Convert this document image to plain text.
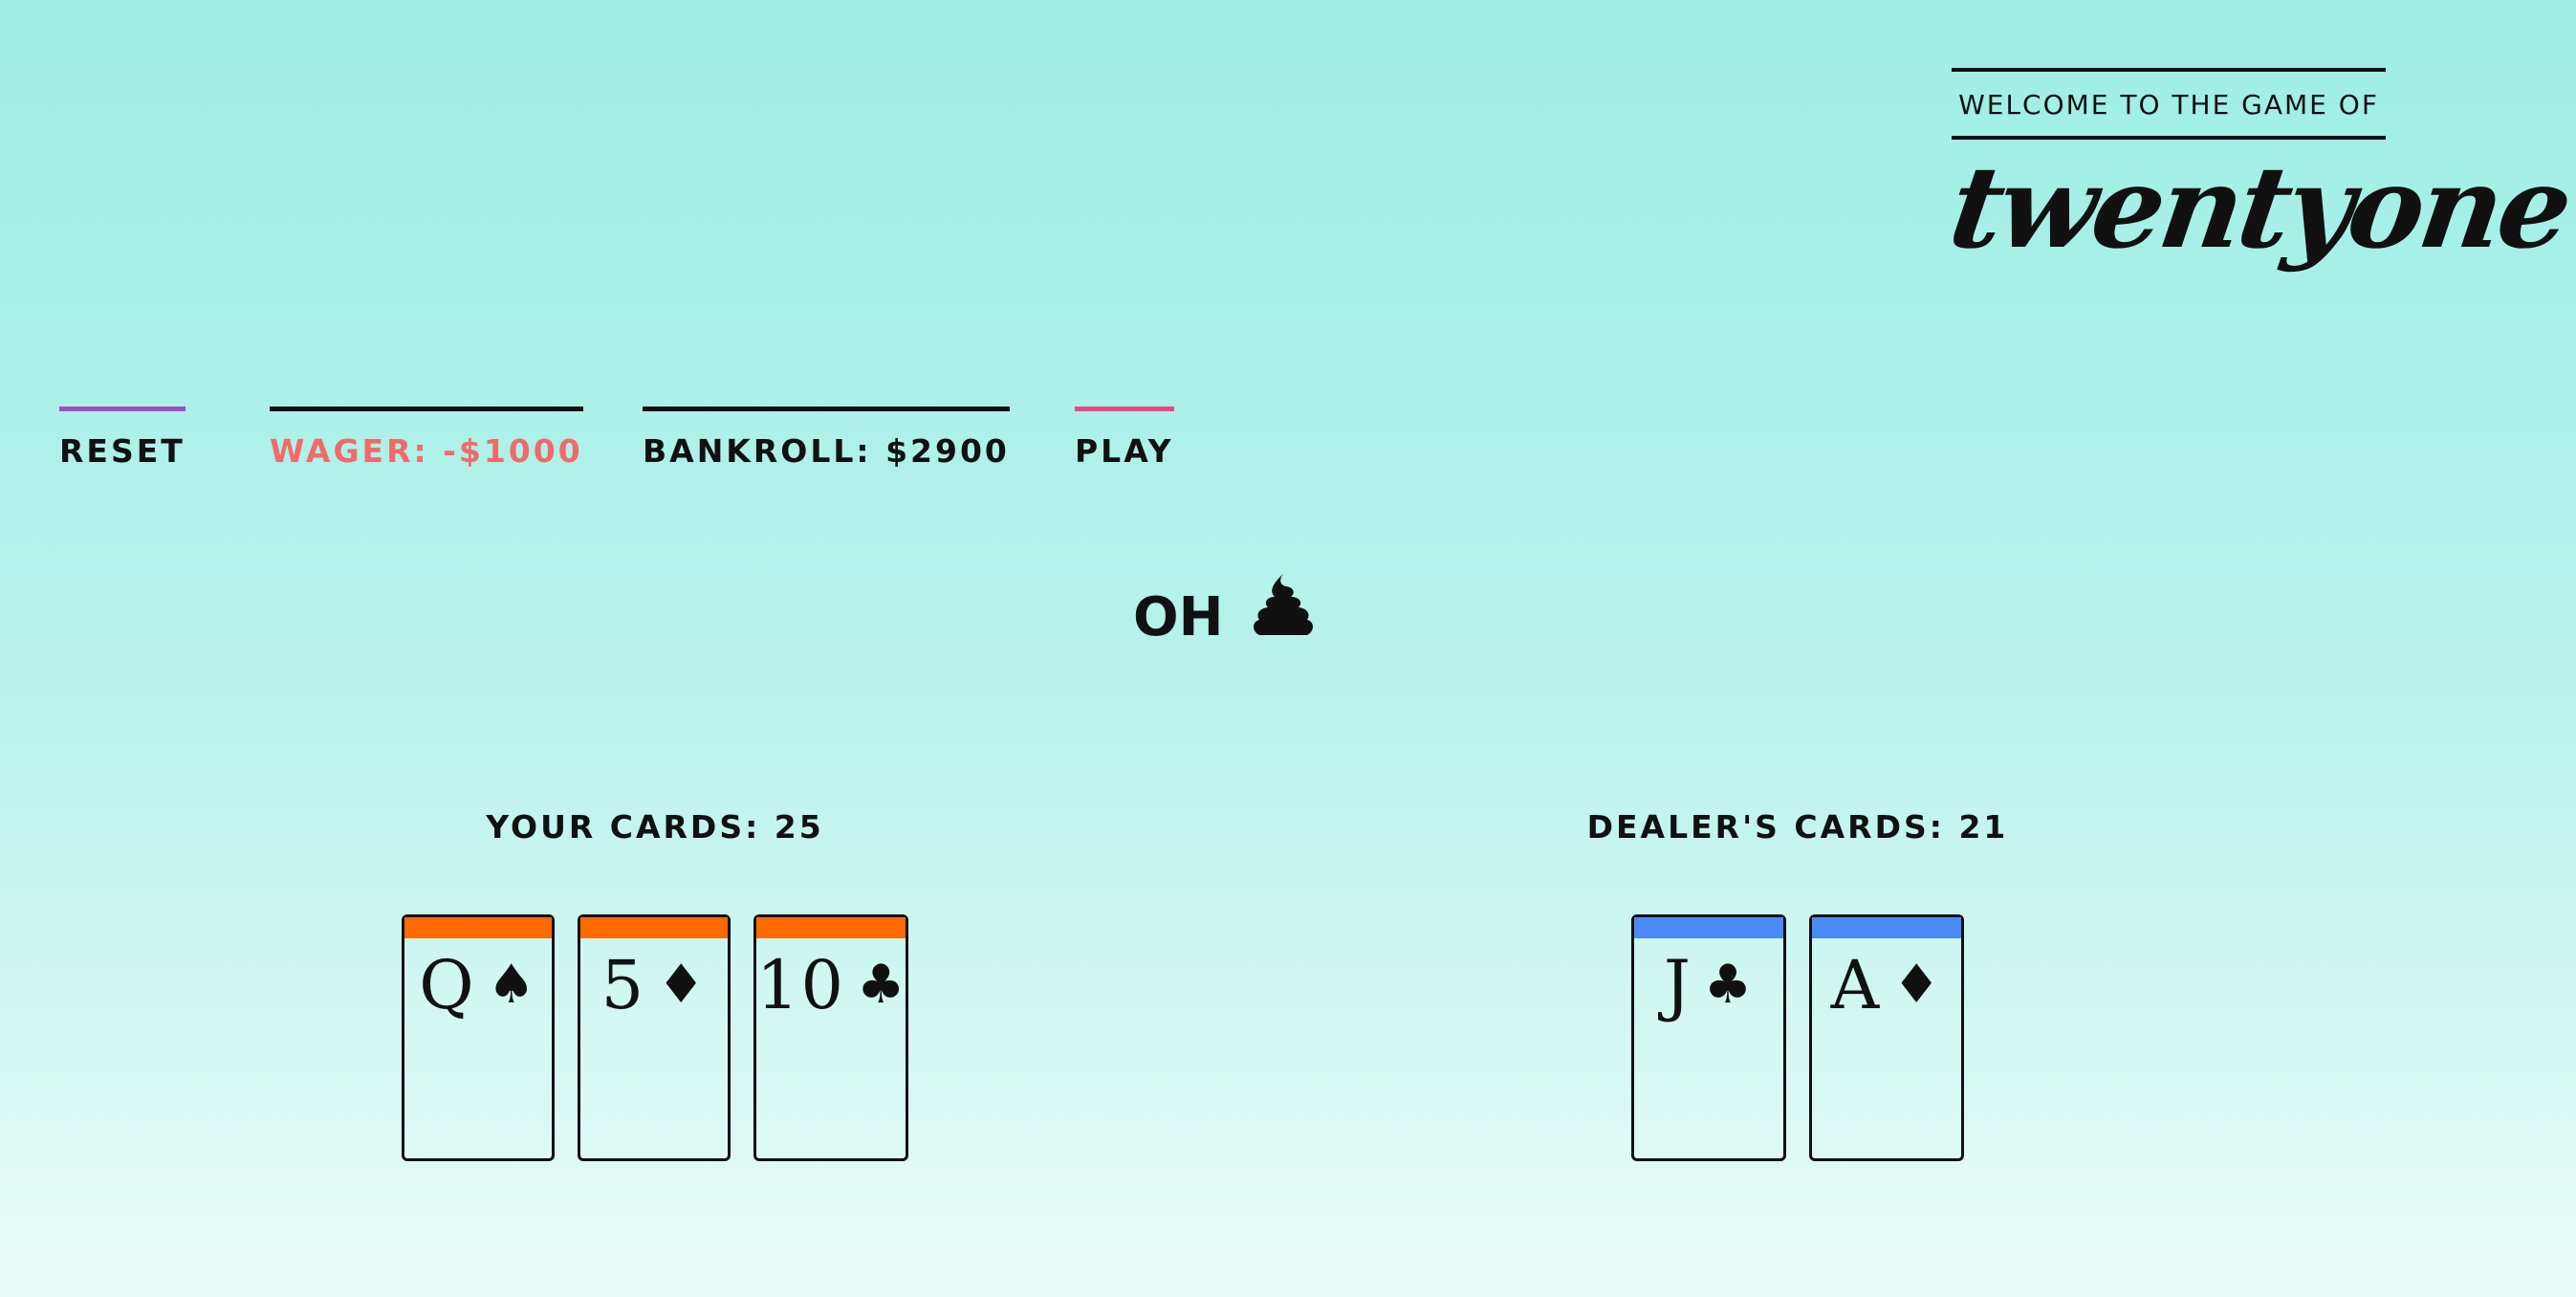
WELCOME TO THE GAME OF
twentyone
RESET	WAGER: -$1000 BANKROLL: $2900 PLAY
OH
YOUR CARDS: 25
Q ♠ 5 ♦ 10 ♣
DEALER'S CARDS: 21
J ♣	A ♦
